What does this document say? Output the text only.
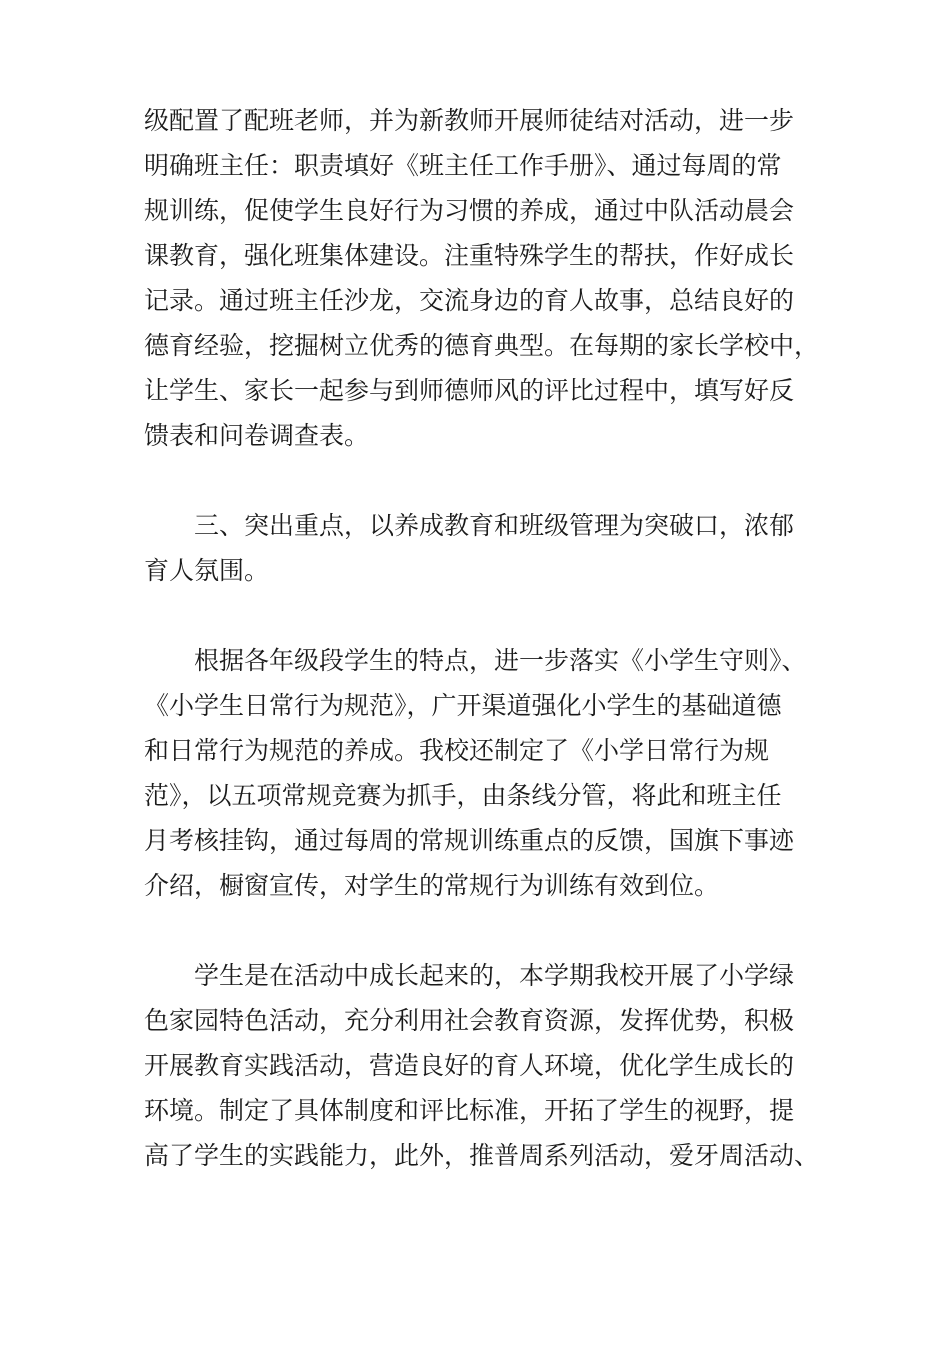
级配置了配班老师，并为新教师开展师徒结对活动，进一步
明确班主任：职责填好《班主任工作手册》、通过每周的常
规训练，促使学生良好行为习惯的养成，通过中队活动晨会
课教育，强化班集体建设。注重特殊学生的帮扶，作好成长
记录。通过班主任沙龙，交流身边的育人故事，总结良好的
德育经验，挖掘树立优秀的德育典型。在每期的家长学校中，
让学生、家长一起参与到师德师风的评比过程中，填写好反
馈表和问卷调查表。

三、突出重点，以养成教育和班级管理为突破口，浓郁
育人氛围。

根据各年级段学生的特点，进一步落实《小学生守则》、
《小学生日常行为规范》，广开渠道强化小学生的基础道德
和日常行为规范的养成。我校还制定了《小学日常行为规
范》，以五项常规竞赛为抓手，由条线分管，将此和班主任
月考核挂钩，通过每周的常规训练重点的反馈，国旗下事迹
介绍，橱窗宣传，对学生的常规行为训练有效到位。

学生是在活动中成长起来的，本学期我校开展了小学绿
色家园特色活动，充分利用社会教育资源，发挥优势，积极
开展教育实践活动，营造良好的育人环境，优化学生成长的
环境。制定了具体制度和评比标准，开拓了学生的视野，提
高了学生的实践能力，此外，推普周系列活动，爱牙周活动、
